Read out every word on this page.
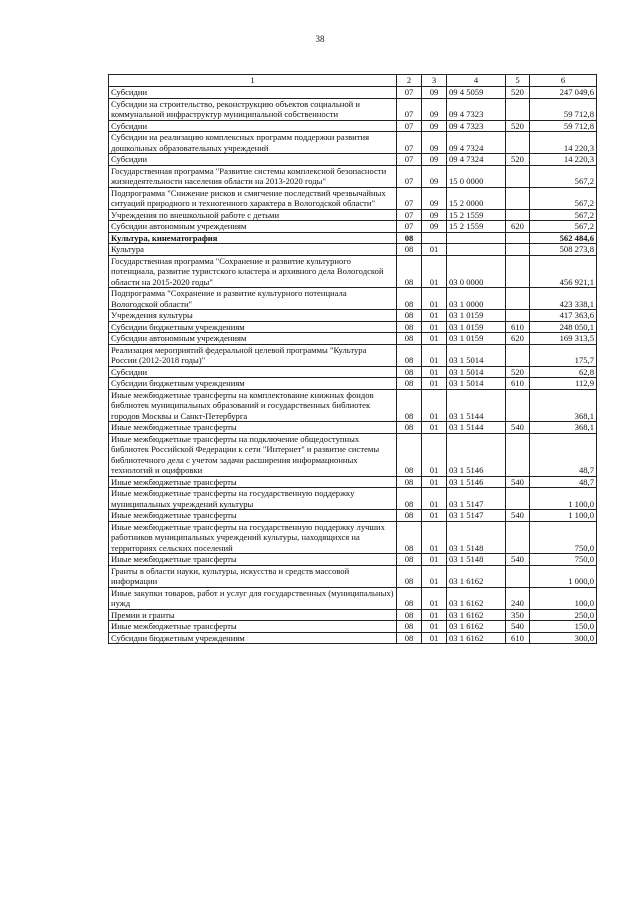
38
1	2	3	4	5	6
Субсидии	07	09	09 4 5059	520	247 049,6
Субсидии на строительство, реконструкцию объектов социальной и коммунальной инфраструктур муниципальной собственности	07	09	09 4 7323		59 712,8
Субсидии	07	09	09 4 7323	520	59 712,8
Субсидии на реализацию комплексных программ поддержки развития дошкольных образовательных учреждений	07	09	09 4 7324		14 220,3
Субсидии	07	09	09 4 7324	520	14 220,3
Государственная программа "Развитие системы комплексной безопасности жизнедеятельности населения области на 2013-2020 годы"	07	09	15 0 0000		567,2
Подпрограмма "Снижение рисков и смягчение последствий чрезвычайных ситуаций природного и техногенного характера в Вологодской области"	07	09	15 2 0000		567,2
Учреждения по внешкольной работе с детьми	07	09	15 2 1559		567,2
Субсидии автономным учреждениям	07	09	15 2 1559	620	567,2
Культура, кинематография	08				562 484,6
Культура	08	01			508 273,8
Государственная программа "Сохранение и развитие культурного потенциала, развитие туристского кластера и архивного дела Вологодской области на 2015-2020 годы"	08	01	03 0 0000		456 921,1
Подпрограмма "Сохранение и развитие культурного потенциала Вологодской области"	08	01	03 1 0000		423 338,1
Учреждения культуры	08	01	03 1 0159		417 363,6
Субсидии бюджетным учреждениям	08	01	03 1 0159	610	248 050,1
Субсидии автономным учреждениям	08	01	03 1 0159	620	169 313,5
Реализация мероприятий федеральной целевой программы "Культура России (2012-2018 годы)"	08	01	03 1 5014		175,7
Субсидии	08	01	03 1 5014	520	62,8
Субсидии бюджетным учреждениям	08	01	03 1 5014	610	112,9
Иные межбюджетные трансферты на комплектование книжных фондов библиотек муниципальных образований и государственных библиотек городов Москвы и Санкт-Петербурга	08	01	03 1 5144		368,1
Иные межбюджетные трансферты	08	01	03 1 5144	540	368,1
Иные межбюджетные трансферты на подключение общедоступных библиотек Российской Федерации к сети "Интернет" и развитие системы библиотечного дела с учетом задачи расширения информационных технологий и оцифровки	08	01	03 1 5146		48,7
Иные межбюджетные трансферты	08	01	03 1 5146	540	48,7
Иные межбюджетные трансферты на государственную поддержку муниципальных учреждений культуры	08	01	03 1 5147		1 100,0
Иные межбюджетные трансферты	08	01	03 1 5147	540	1 100,0
Иные межбюджетные трансферты на государственную поддержку лучших работников муниципальных учреждений культуры, находящихся на территориях сельских поселений	08	01	03 1 5148		750,0
Иные межбюджетные трансферты	08	01	03 1 5148	540	750,0
Гранты в области науки, культуры, искусства и средств массовой информации	08	01	03 1 6162		1 000,0
Иные закупки товаров, работ и услуг для государственных (муниципальных) нужд	08	01	03 1 6162	240	100,0
Премии и гранты	08	01	03 1 6162	350	250,0
Иные межбюджетные трансферты	08	01	03 1 6162	540	150,0
Субсидии бюджетным учреждениям	08	01	03 1 6162	610	300,0
